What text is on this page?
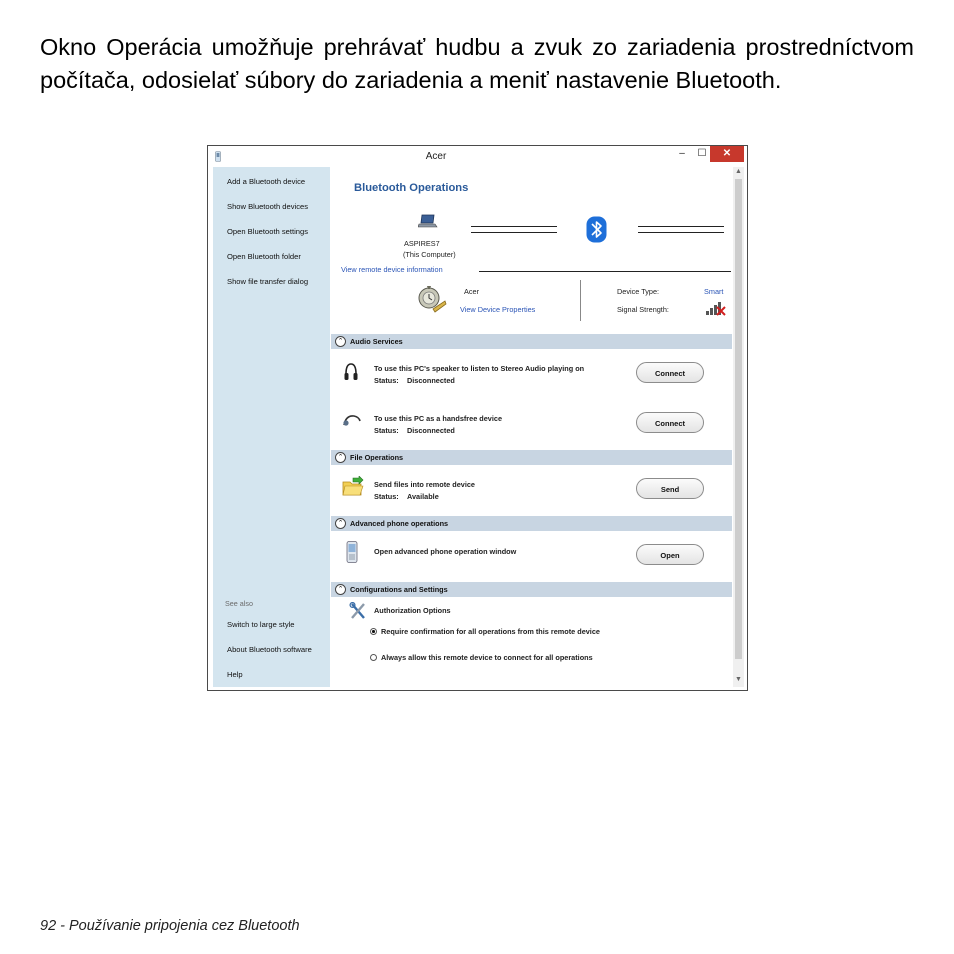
Okno Operácia umožňuje prehrávať hudbu a zvuk zo zariadenia prostredníctvom počítača, odosielať súbory do zariadenia a meniť nastavenie Bluetooth.

Acer	–	☐	✕
Add a Bluetooth device
Show Bluetooth devices
Open Bluetooth settings
Open Bluetooth folder
Show file transfer dialog
See also
Switch to large style
About Bluetooth software
Help
Bluetooth Operations
ASPIRES7
(This Computer)
View remote device information
Acer
View Device Properties
Device Type:	Smart
Signal Strength:
⌃ Audio Services
To use this PC's speaker to listen to Stereo Audio playing on
Status: Disconnected
Connect
To use this PC as a handsfree device
Status: Disconnected
Connect
⌃ File Operations
Send files into remote device
Status: Available
Send
⌃ Advanced phone operations
Open advanced phone operation window	Open
⌃ Configurations and Settings
Authorization Options
Require confirmation for all operations from this remote device
Always allow this remote device to connect for all operations
▲
▼
92 - Používanie pripojenia cez Bluetooth
